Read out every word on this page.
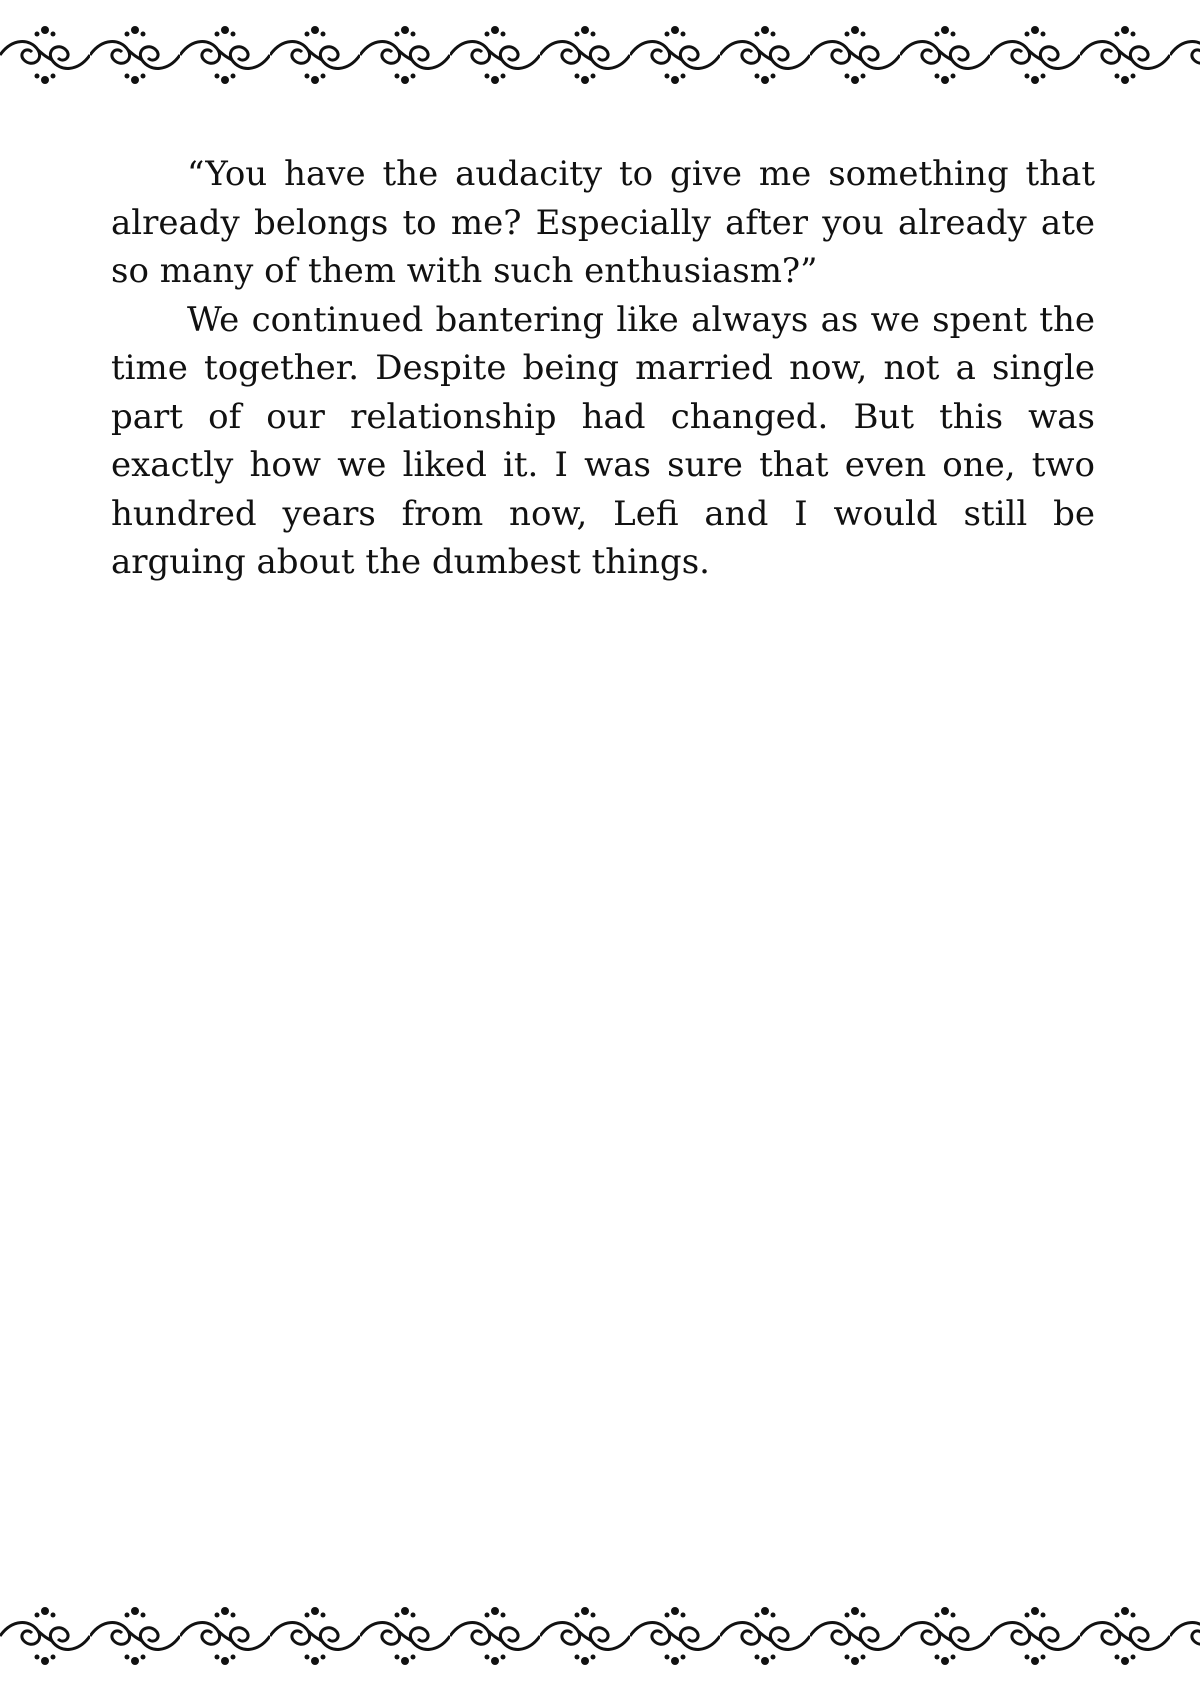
“You have the audacity to give me something that already belongs to me? Especially after you already ate so many of them with such enthusiasm?”

We continued bantering like always as we spent the time together. Despite being married now, not a single part of our relationship had changed. But this was exactly how we liked it. I was sure that even one, two hundred years from now, Lefi and I would still be arguing about the dumbest things.
